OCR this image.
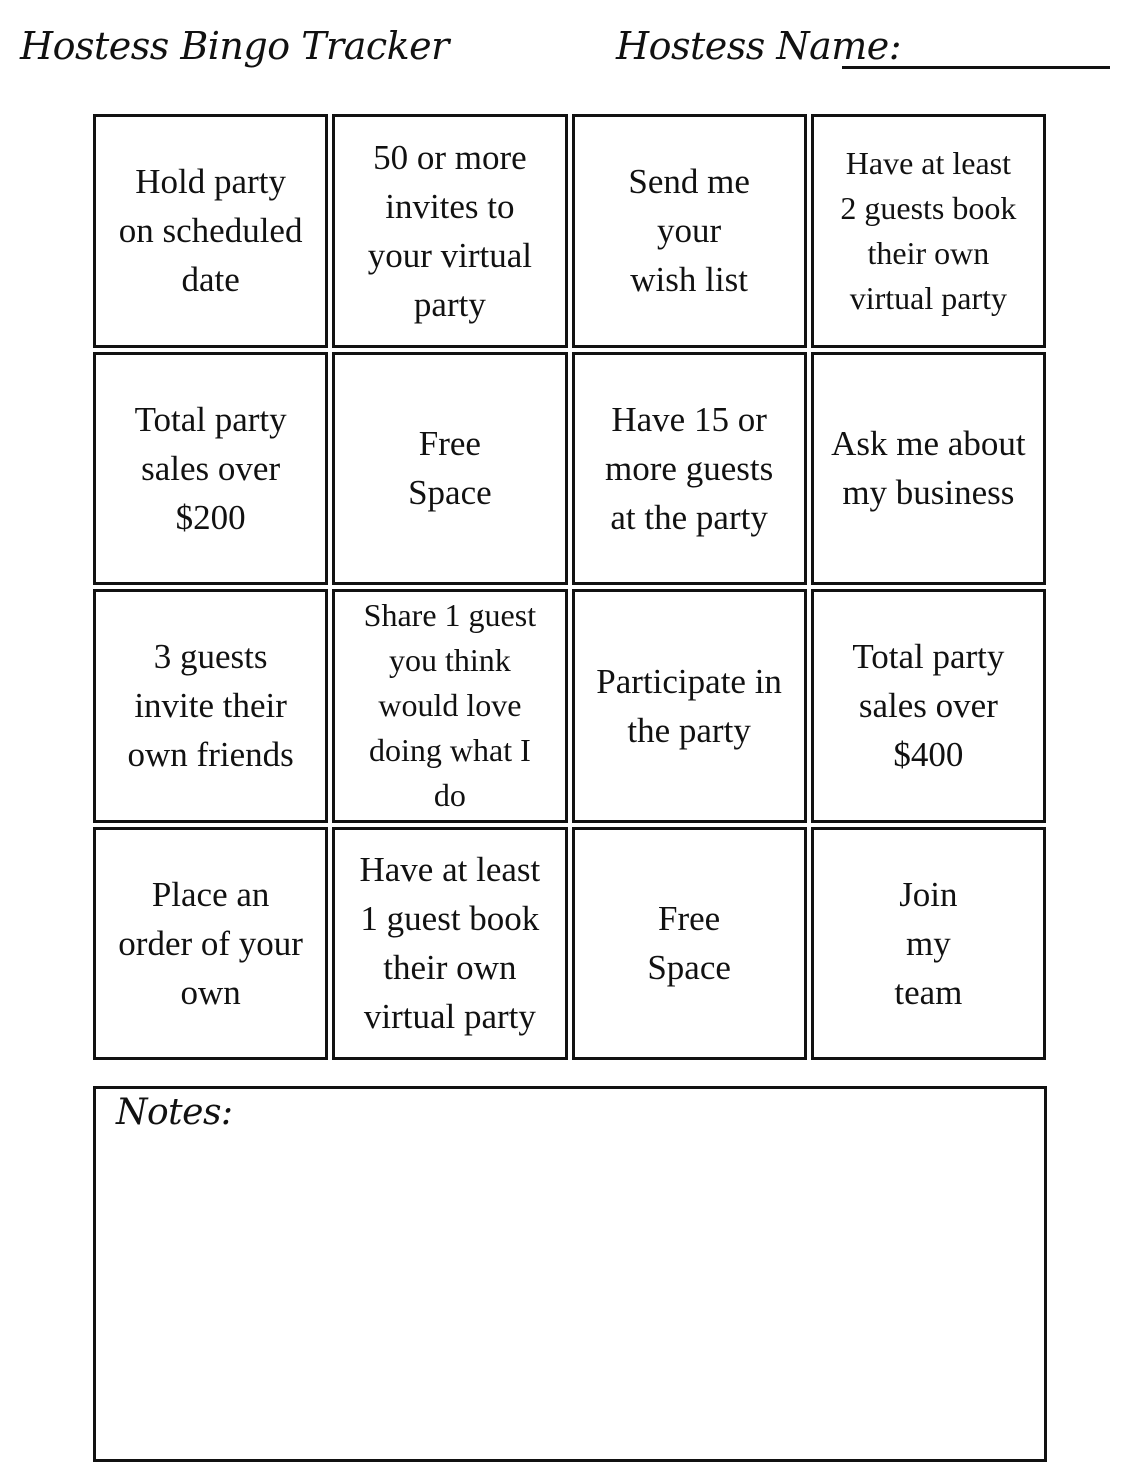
Hostess Bingo Tracker	Hostess Name:
Hold party
on scheduled
date
50 or more
invites to
your virtual
party
Send me
your
wish list
Have at least
2 guests book
their own
virtual party
Total party
sales over
$200
Free
Space
Have 15 or
more guests
at the party
Ask me about
my business
3 guests
invite their
own friends
Share 1 guest
you think
would love
doing what I
do
Participate in
the party
Total party
sales over
$400
Place an
order of your
own
Have at least
1 guest book
their own
virtual party
Free
Space
Join
my
team
Notes:
